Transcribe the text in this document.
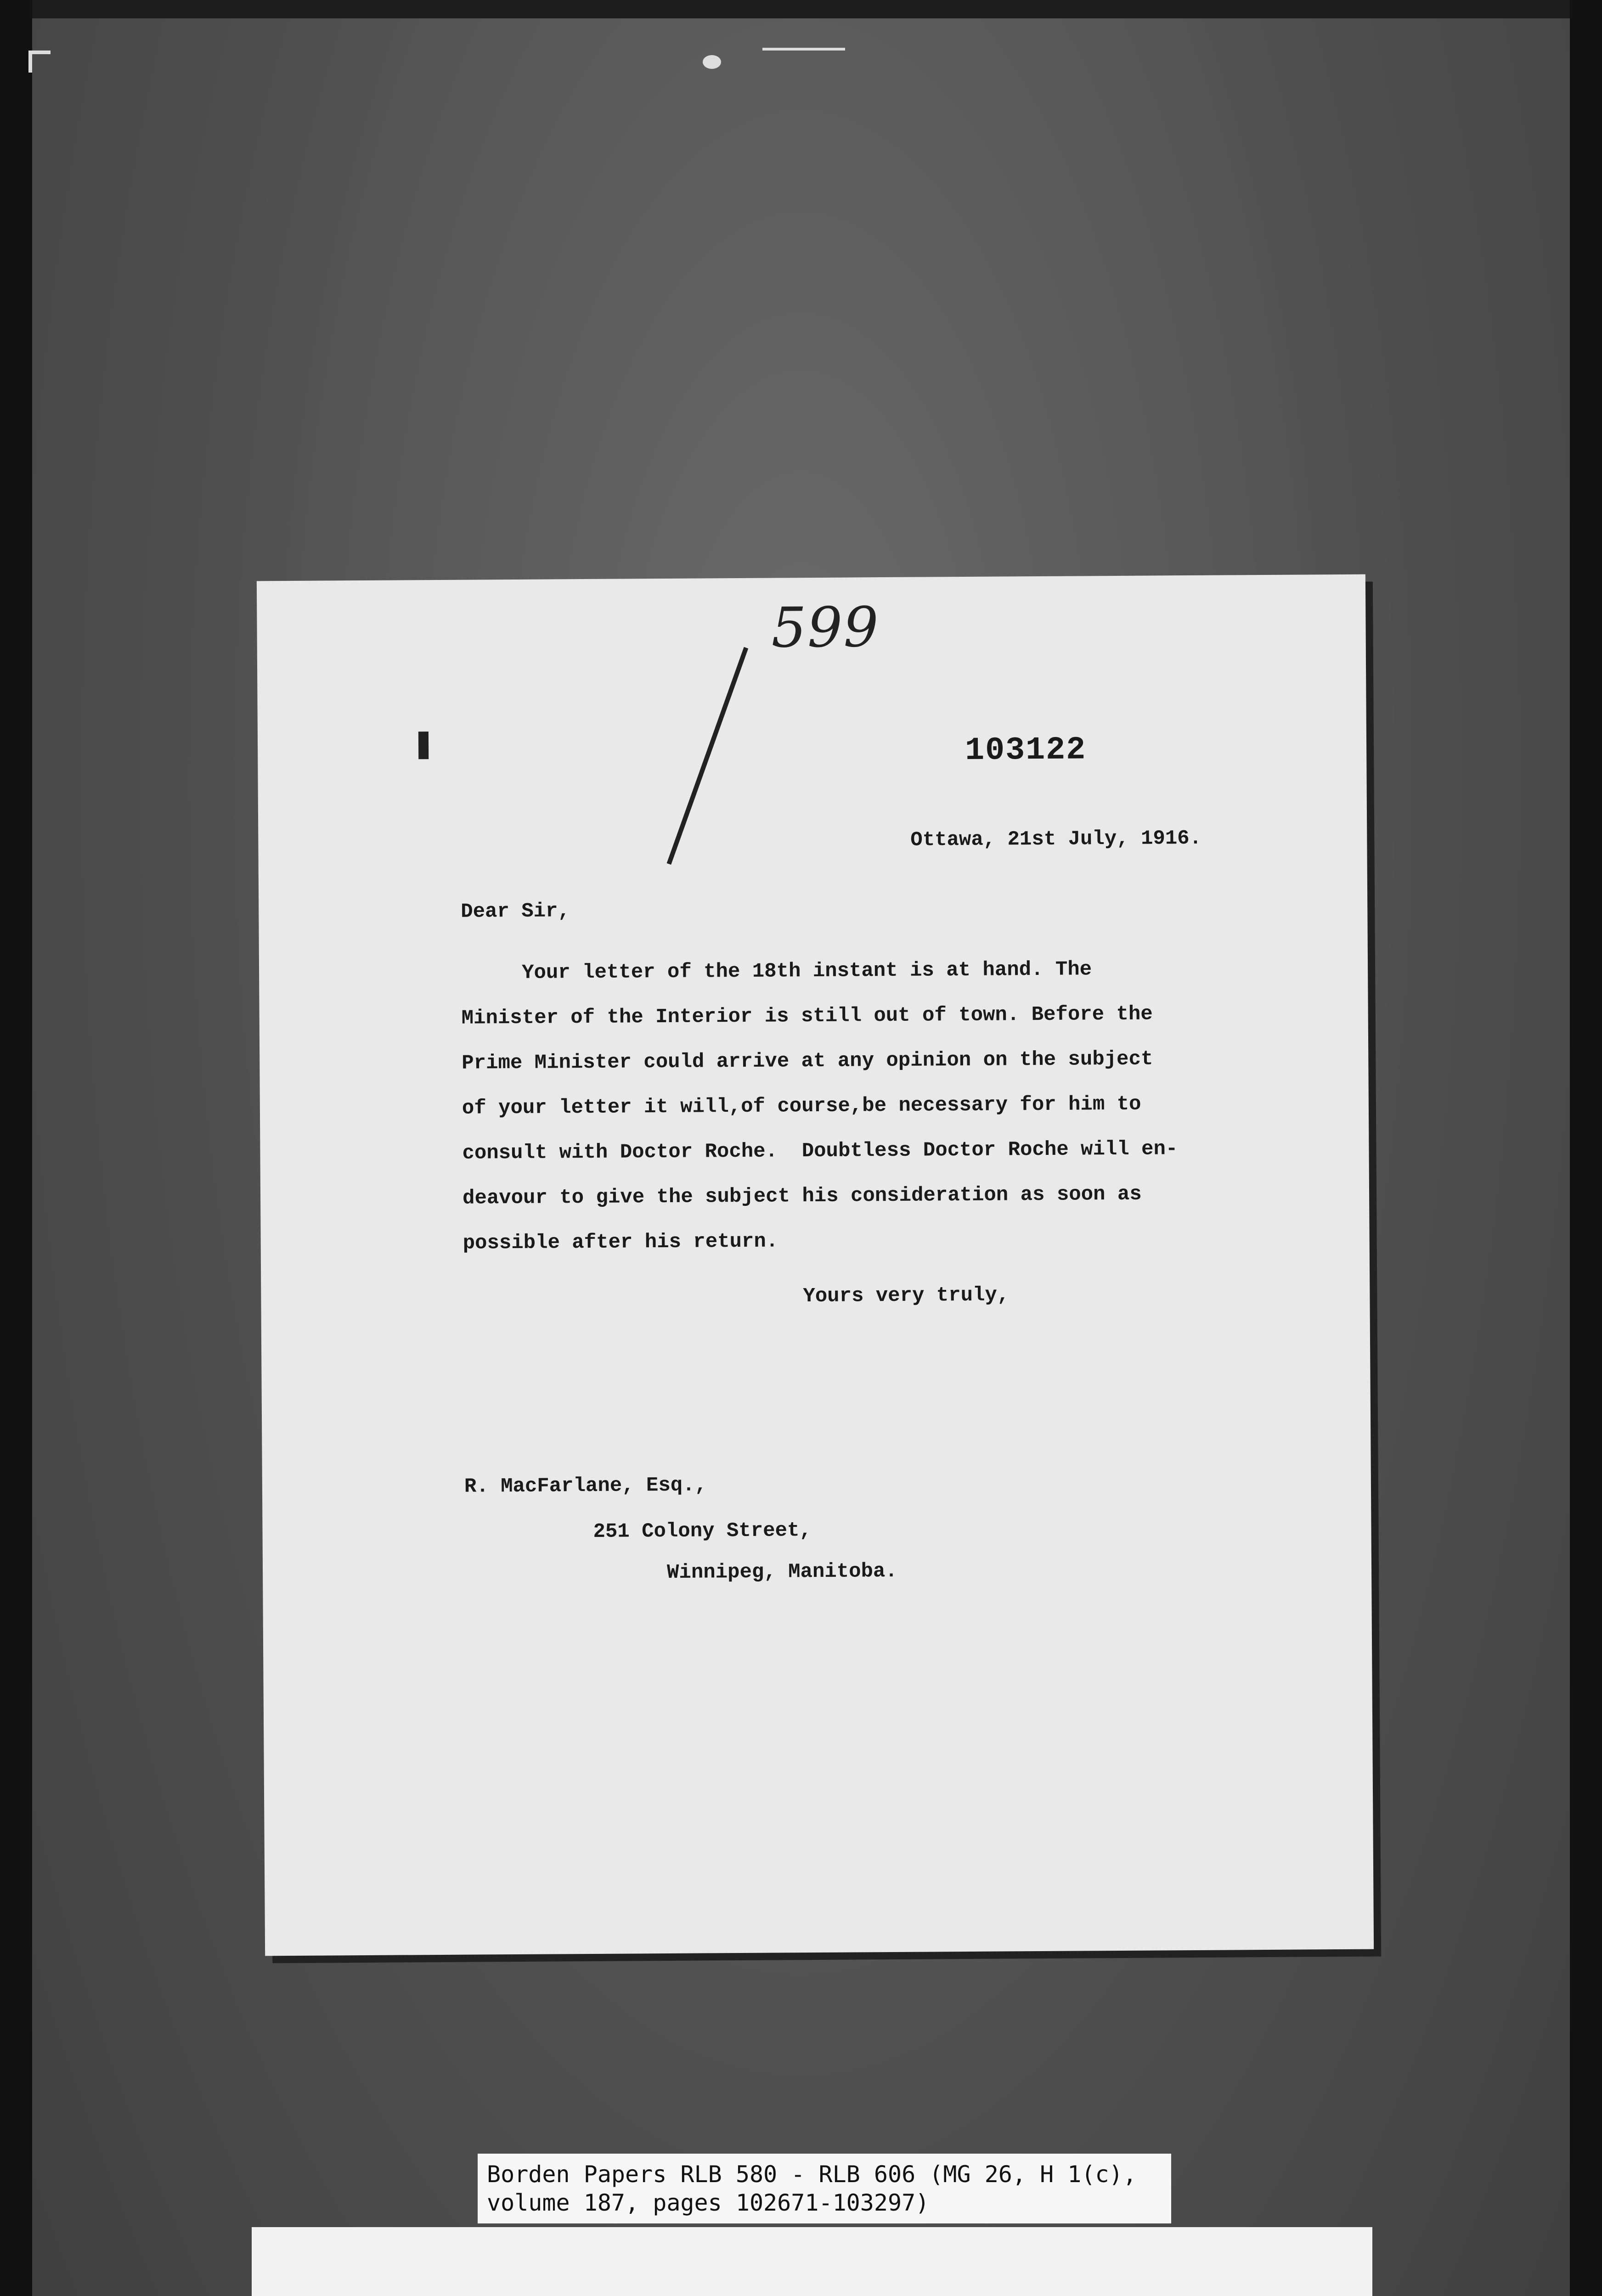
599
103122
Ottawa, 21st July, 1916.
Dear Sir,
Your letter of the 18th instant is at hand. The
Minister of the Interior is still out of town. Before the
Prime Minister could arrive at any opinion on the subject
of your letter it will,of course,be necessary for him to
consult with Doctor Roche.  Doubtless Doctor Roche will en-
deavour to give the subject his consideration as soon as
possible after his return.
Yours very truly,
R. MacFarlane, Esq.,
251 Colony Street,
Winnipeg, Manitoba.
Borden Papers RLB 580 - RLB 606 (MG 26, H 1(c),
volume 187, pages 102671-103297)
